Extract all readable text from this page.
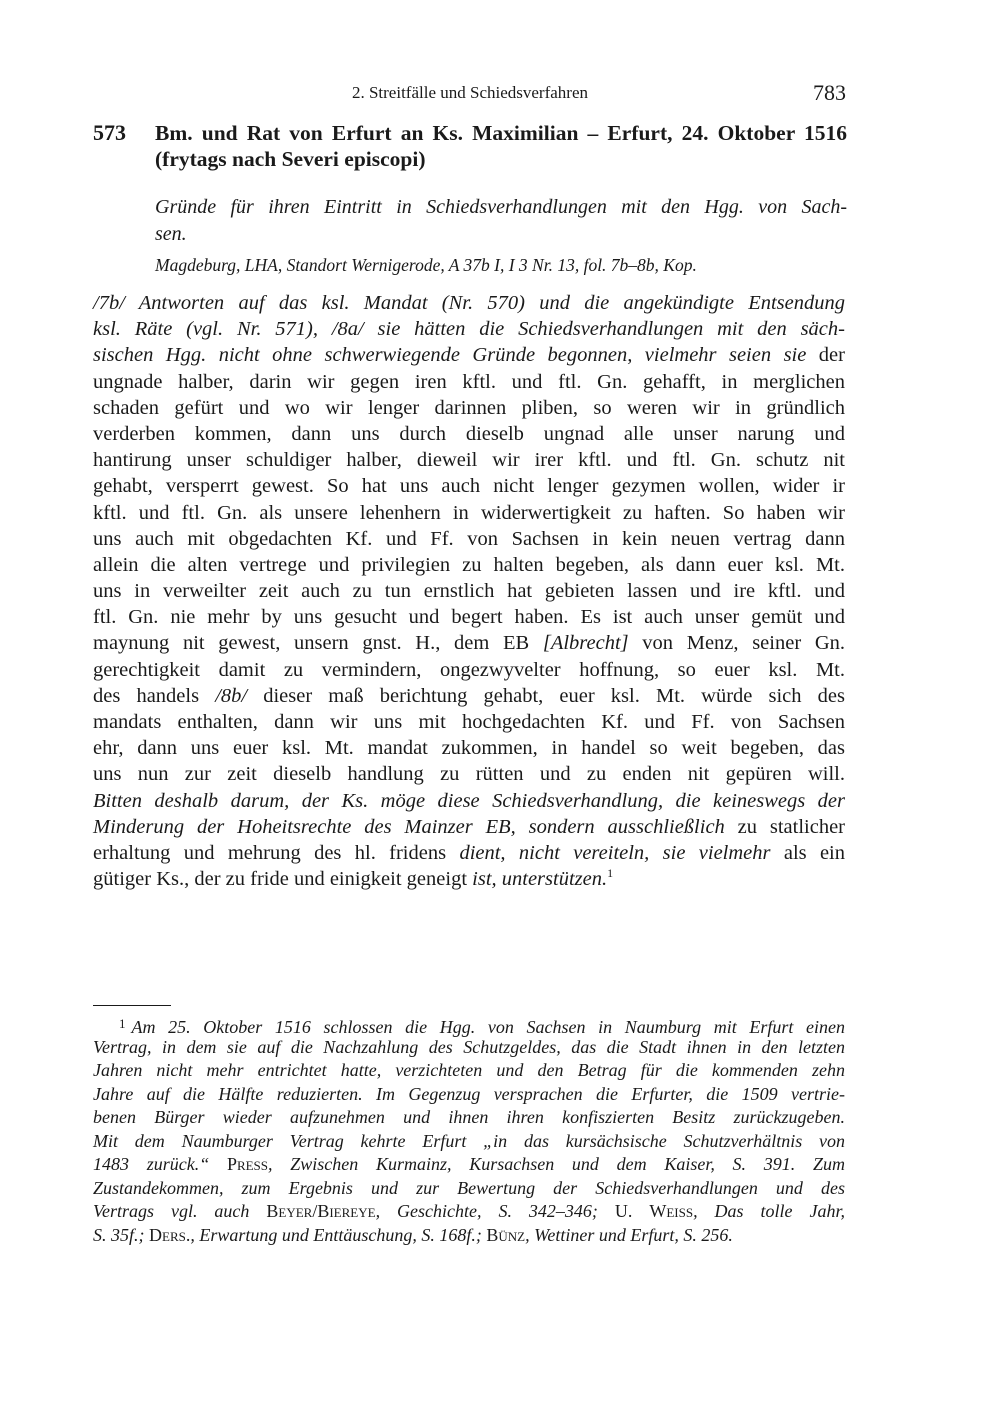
2. Streitfälle und Schiedsverfahren	783
573 Bm. und Rat von Erfurt an Ks. Maximilian – Erfurt, 24. Oktober 1516
(frytags nach Severi episcopi)
Gründe für ihren Eintritt in Schiedsverhandlungen mit den Hgg. von Sach-
sen.
Magdeburg, LHA, Standort Wernigerode, A 37b I, I 3 Nr. 13, fol. 7b–8b, Kop.
/7b/ Antworten auf das ksl. Mandat (Nr. 570) und die angekündigte Entsendung
ksl. Räte (vgl. Nr. 571), /8a/ sie hätten die Schiedsverhandlungen mit den säch-
sischen Hgg. nicht ohne schwerwiegende Gründe begonnen, vielmehr seien sie der
ungnade halber, darin wir gegen iren kftl. und ftl. Gn. gehafft, in merglichen
schaden gefürt und wo wir lenger darinnen pliben, so weren wir in gründlich
verderben kommen, dann uns durch dieselb ungnad alle unser narung und
hantirung unser schuldiger halber, dieweil wir irer kftl. und ftl. Gn. schutz nit
gehabt, versperrt gewest. So hat uns auch nicht lenger gezymen wollen, wider ir
kftl. und ftl. Gn. als unsere lehenhern in widerwertigkeit zu haften. So haben wir
uns auch mit obgedachten Kf. und Ff. von Sachsen in kein neuen vertrag dann
allein die alten vertrege und privilegien zu halten begeben, als dann euer ksl. Mt.
uns in verweilter zeit auch zu tun ernstlich hat gebieten lassen und ire kftl. und
ftl. Gn. nie mehr by uns gesucht und begert haben. Es ist auch unser gemüt und
maynung nit gewest, unsern gnst. H., dem EB [Albrecht] von Menz, seiner Gn.
gerechtigkeit damit zu vermindern, ongezwyvelter hoffnung, so euer ksl. Mt.
des handels /8b/ dieser maß berichtung gehabt, euer ksl. Mt. würde sich des
mandats enthalten, dann wir uns mit hochgedachten Kf. und Ff. von Sachsen
ehr, dann uns euer ksl. Mt. mandat zukommen, in handel so weit begeben, das
uns nun zur zeit dieselb handlung zu rütten und zu enden nit gepüren will.
Bitten deshalb darum, der Ks. möge diese Schiedsverhandlung, die keineswegs der
Minderung der Hoheitsrechte des Mainzer EB, sondern ausschließlich zu statlicher
erhaltung und mehrung des hl. fridens dient, nicht vereiteln, sie vielmehr als ein
gütiger Ks., der zu fride und einigkeit geneigt ist, unterstützen.$^1$
$^1$ Am 25. Oktober 1516 schlossen die Hgg. von Sachsen in Naumburg mit Erfurt einen
Vertrag, in dem sie auf die Nachzahlung des Schutzgeldes, das die Stadt ihnen in den letzten
Jahren nicht mehr entrichtet hatte, verzichteten und den Betrag für die kommenden zehn
Jahre auf die Hälfte reduzierten. Im Gegenzug versprachen die Erfurter, die 1509 vertrie-
benen Bürger wieder aufzunehmen und ihnen ihren konfiszierten Besitz zurückzugeben.
Mit dem Naumburger Vertrag kehrte Erfurt „in das kursächsische Schutzverhältnis von
1483 zurück.“ Press, Zwischen Kurmainz, Kursachsen und dem Kaiser, S. 391. Zum
Zustandekommen, zum Ergebnis und zur Bewertung der Schiedsverhandlungen und des
Vertrags vgl. auch Beyer/Biereye, Geschichte, S. 342–346; U. Weiß, Das tolle Jahr,
S. 35f.; Ders., Erwartung und Enttäuschung, S. 168f.; Bünz, Wettiner und Erfurt, S. 256.
